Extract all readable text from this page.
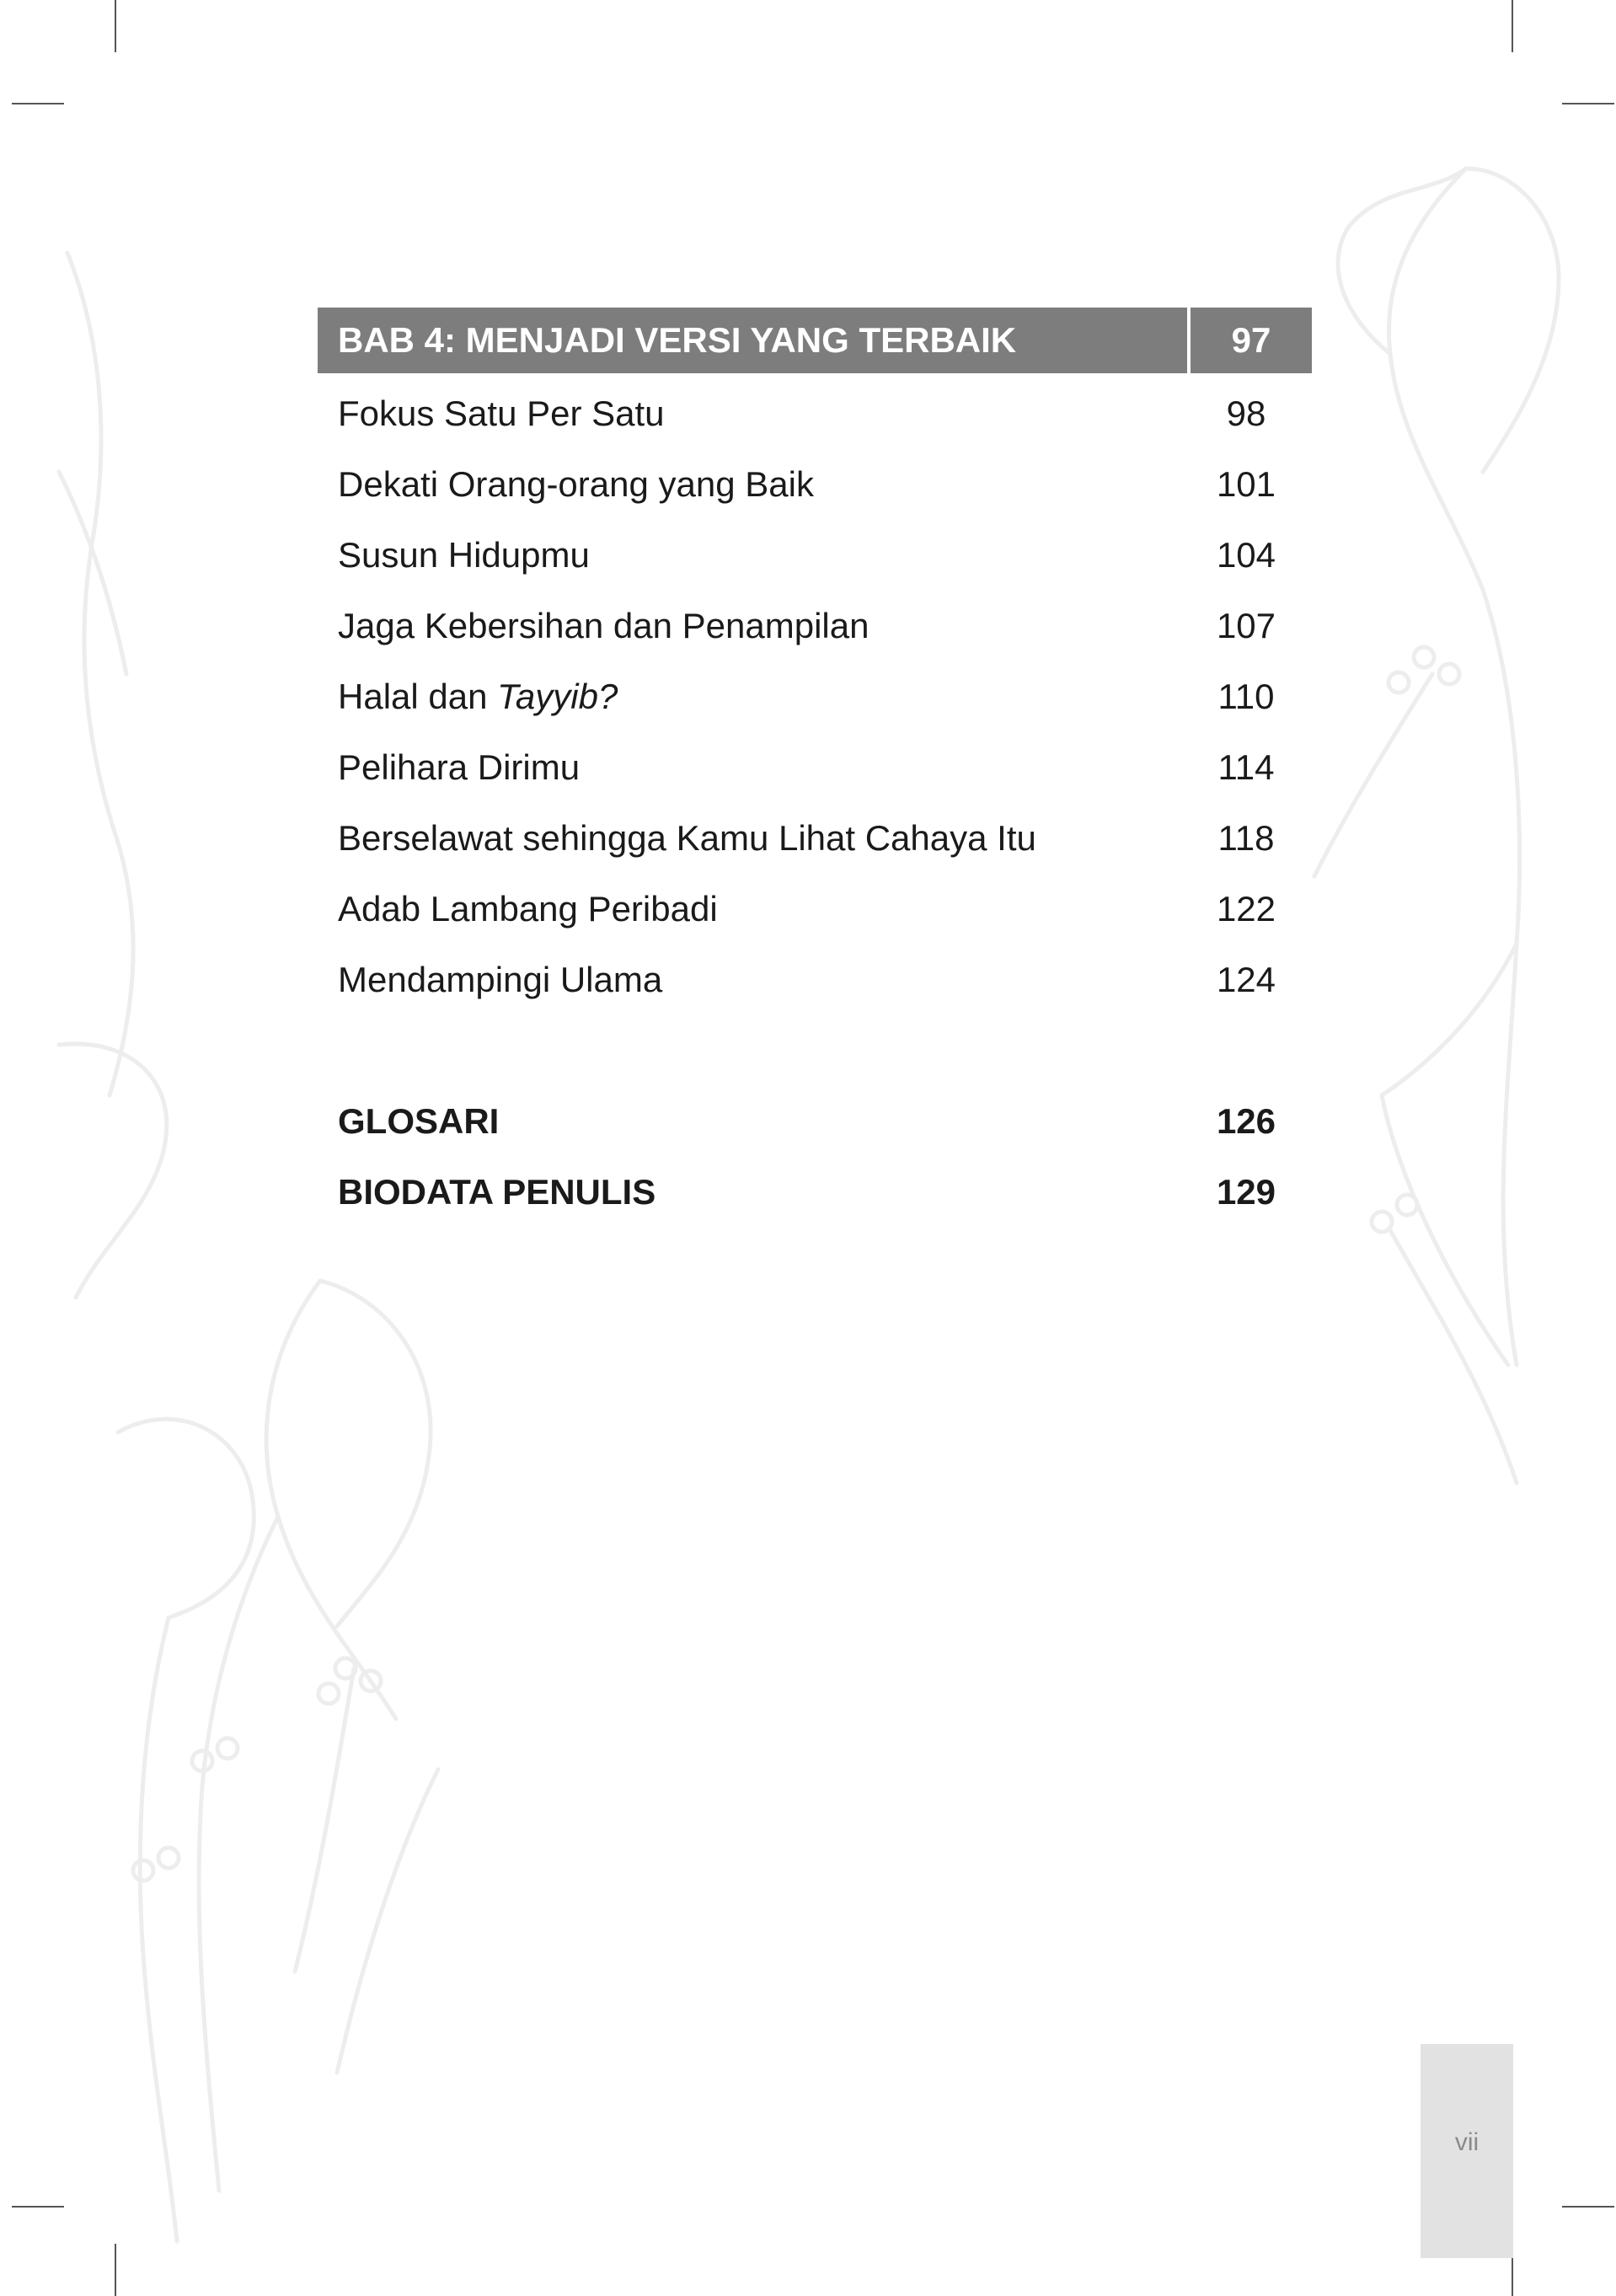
BAB 4: MENJADI VERSI YANG TERBAIK	97
Fokus Satu Per Satu	98
Dekati Orang-orang yang Baik	101
Susun Hidupmu	104
Jaga Kebersihan dan Penampilan	107
Halal dan Tayyib?	110
Pelihara Dirimu	114
Berselawat sehingga Kamu Lihat Cahaya Itu	118
Adab Lambang Peribadi	122
Mendampingi Ulama	124
GLOSARI	126
BIODATA PENULIS	129
vii
